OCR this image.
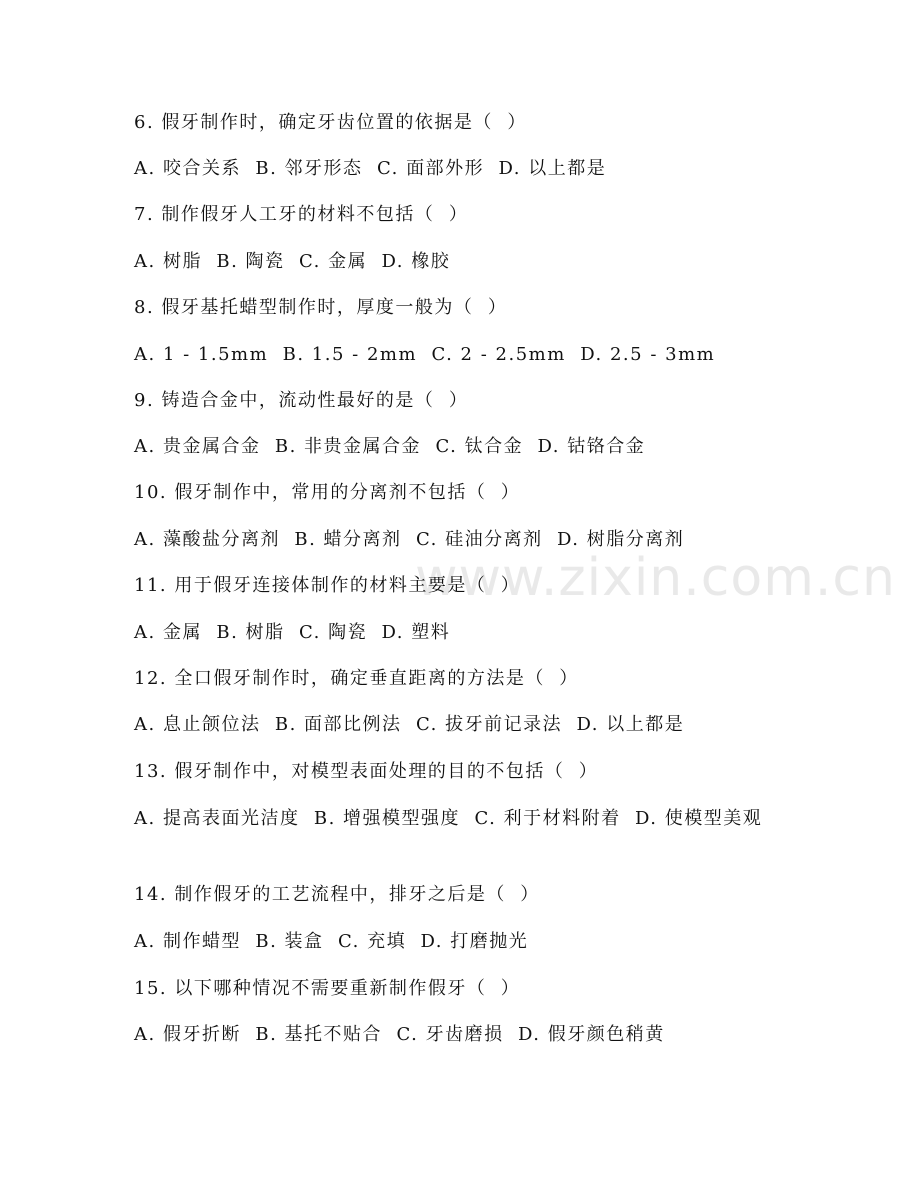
www.zixin.com.cn
6. 假牙制作时，确定牙齿位置的依据是（  ）
A. 咬合关系  B. 邻牙形态  C. 面部外形  D. 以上都是
7. 制作假牙人工牙的材料不包括（  ）
A. 树脂  B. 陶瓷  C. 金属  D. 橡胶
8. 假牙基托蜡型制作时，厚度一般为（  ）
A. 1 - 1.5mm  B. 1.5 - 2mm  C. 2 - 2.5mm  D. 2.5 - 3mm
9. 铸造合金中，流动性最好的是（  ）
A. 贵金属合金  B. 非贵金属合金  C. 钛合金  D. 钴铬合金
10. 假牙制作中，常用的分离剂不包括（  ）
A. 藻酸盐分离剂  B. 蜡分离剂  C. 硅油分离剂  D. 树脂分离剂
11. 用于假牙连接体制作的材料主要是（  ）
A. 金属  B. 树脂  C. 陶瓷  D. 塑料
12. 全口假牙制作时，确定垂直距离的方法是（  ）
A. 息止颌位法  B. 面部比例法  C. 拔牙前记录法  D. 以上都是
13. 假牙制作中，对模型表面处理的目的不包括（  ）
A. 提高表面光洁度  B. 增强模型强度  C. 利于材料附着  D. 使模型美观
14. 制作假牙的工艺流程中，排牙之后是（  ）
A. 制作蜡型  B. 装盒  C. 充填  D. 打磨抛光
15. 以下哪种情况不需要重新制作假牙（  ）
A. 假牙折断  B. 基托不贴合  C. 牙齿磨损  D. 假牙颜色稍黄
